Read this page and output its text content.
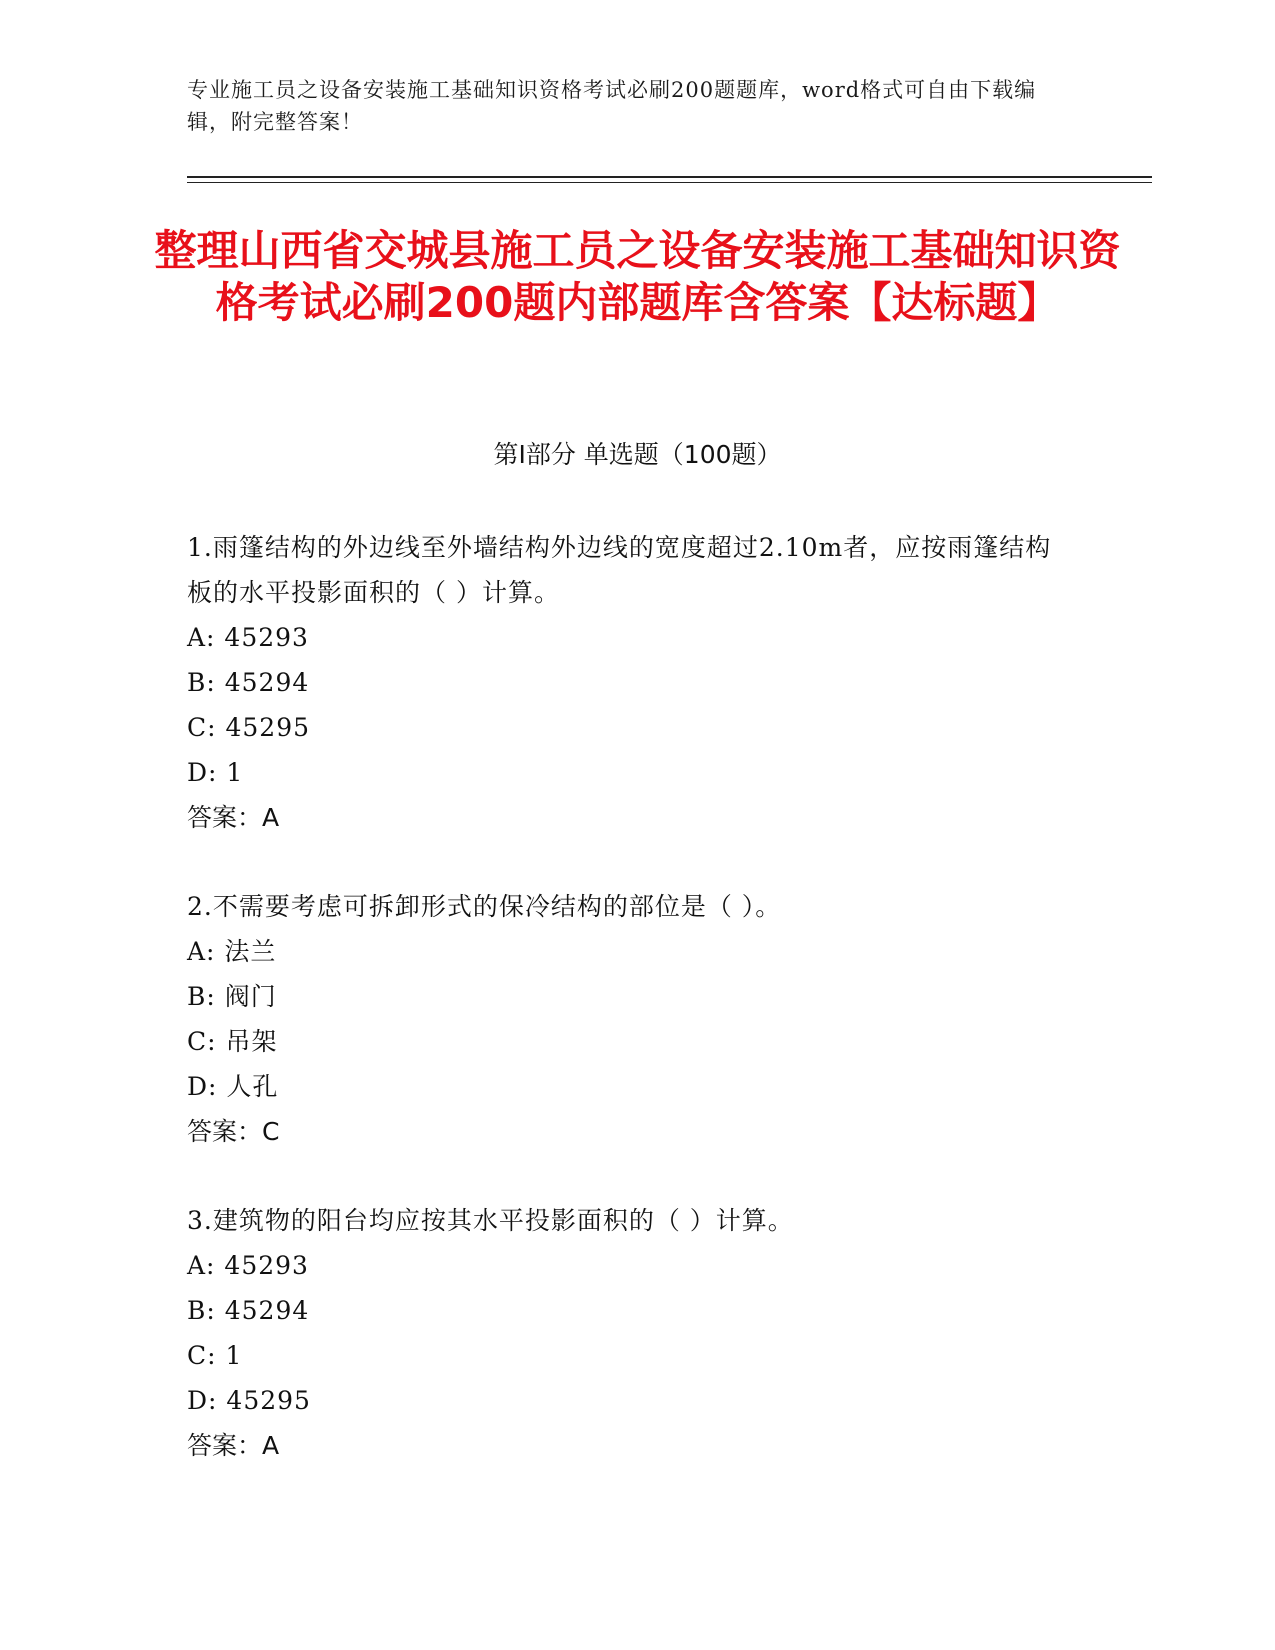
专业施工员之设备安装施工基础知识资格考试必刷200题题库，word格式可自由下载编辑，附完整答案！
整理山西省交城县施工员之设备安装施工基础知识资格考试必刷200题内部题库含答案【达标题】
第Ⅰ部分 单选题（100题）
1.雨篷结构的外边线至外墙结构外边线的宽度超过2.10m者，应按雨篷结构板的水平投影面积的（ ）计算。
A: 45293
B: 45294
C: 45295
D: 1
答案：A
2.不需要考虑可拆卸形式的保冷结构的部位是（ ）。
A: 法兰
B: 阀门
C: 吊架
D: 人孔
答案：C
3.建筑物的阳台均应按其水平投影面积的（ ）计算。
A: 45293
B: 45294
C: 1
D: 45295
答案：A
